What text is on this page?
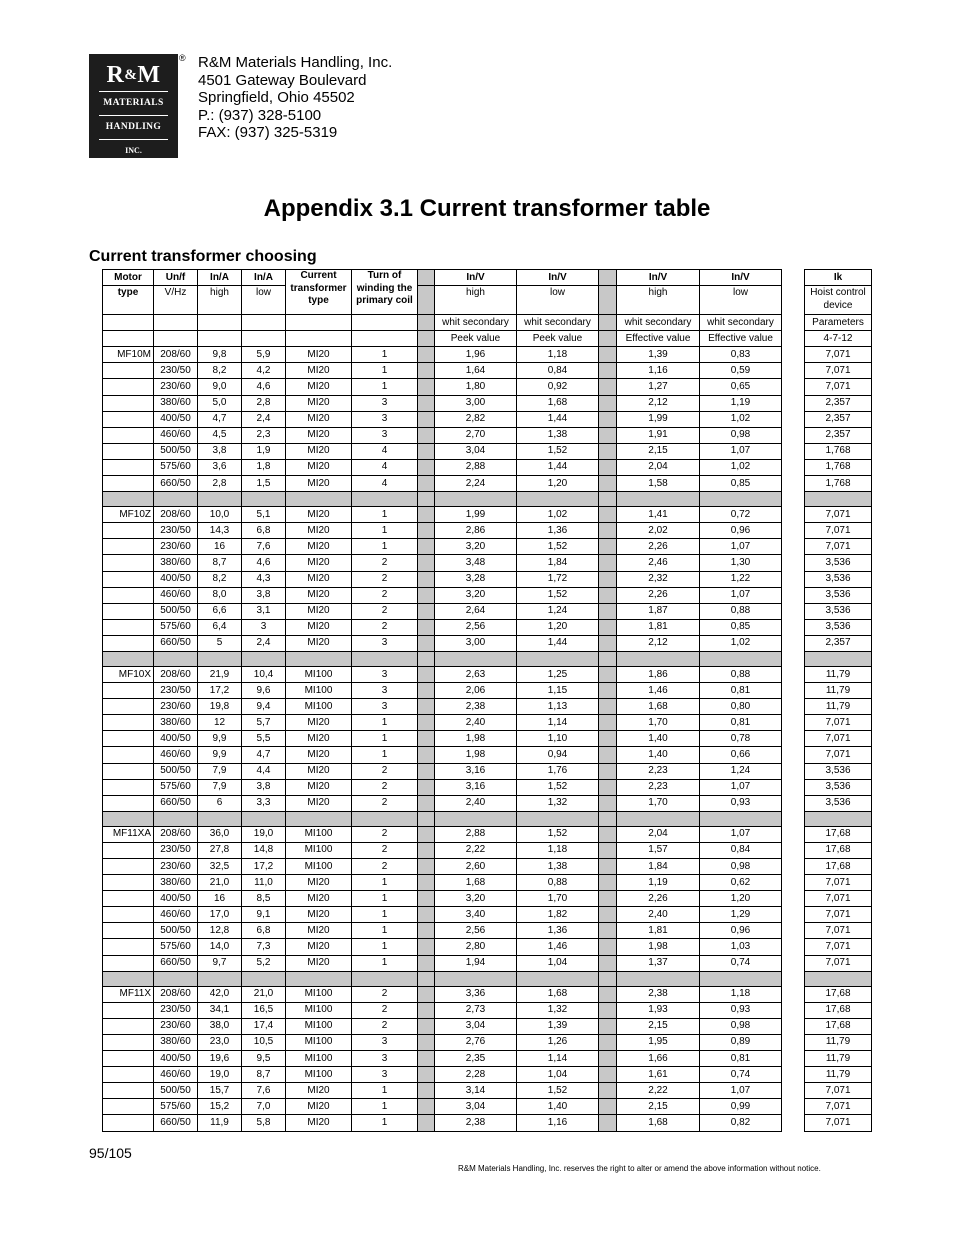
R&M
MATERIALS
HANDLING
INC.
® R&M Materials Handling, Inc.
4501 Gateway Boulevard
Springfield, Ohio 45502
P.: (937) 328-5100
FAX: (937) 325-5319
Appendix 3.1 Current transformer table
Current transformer choosing
Motor	Un/f	In/A	In/A	Current transformer type	Turn of winding the primary coil		In/V	In/V		In/V	In/V		Ik
type	V/Hz	high	low				high	low		high	low		Hoist control device
							whit secondary	whit secondary		whit secondary	whit secondary		Parameters
							Peek value	Peek value		Effective value	Effective value		4-7-12
MF10M	208/60	9,8	5,9	MI20	1		1,96	1,18		1,39	0,83		7,071
	230/50	8,2	4,2	MI20	1		1,64	0,84		1,16	0,59		7,071
	230/60	9,0	4,6	MI20	1		1,80	0,92		1,27	0,65		7,071
	380/60	5,0	2,8	MI20	3		3,00	1,68		2,12	1,19		2,357
	400/50	4,7	2,4	MI20	3		2,82	1,44		1,99	1,02		2,357
	460/60	4,5	2,3	MI20	3		2,70	1,38		1,91	0,98		2,357
	500/50	3,8	1,9	MI20	4		3,04	1,52		2,15	1,07		1,768
	575/60	3,6	1,8	MI20	4		2,88	1,44		2,04	1,02		1,768
	660/50	2,8	1,5	MI20	4		2,24	1,20		1,58	0,85		1,768

MF10Z	208/60	10,0	5,1	MI20	1		1,99	1,02		1,41	0,72		7,071
	230/50	14,3	6,8	MI20	1		2,86	1,36		2,02	0,96		7,071
	230/60	16	7,6	MI20	1		3,20	1,52		2,26	1,07		7,071
	380/60	8,7	4,6	MI20	2		3,48	1,84		2,46	1,30		3,536
	400/50	8,2	4,3	MI20	2		3,28	1,72		2,32	1,22		3,536
	460/60	8,0	3,8	MI20	2		3,20	1,52		2,26	1,07		3,536
	500/50	6,6	3,1	MI20	2		2,64	1,24		1,87	0,88		3,536
	575/60	6,4	3	MI20	2		2,56	1,20		1,81	0,85		3,536
	660/50	5	2,4	MI20	3		3,00	1,44		2,12	1,02		2,357

MF10X	208/60	21,9	10,4	MI100	3		2,63	1,25		1,86	0,88		11,79
	230/50	17,2	9,6	MI100	3		2,06	1,15		1,46	0,81		11,79
	230/60	19,8	9,4	MI100	3		2,38	1,13		1,68	0,80		11,79
	380/60	12	5,7	MI20	1		2,40	1,14		1,70	0,81		7,071
	400/50	9,9	5,5	MI20	1		1,98	1,10		1,40	0,78		7,071
	460/60	9,9	4,7	MI20	1		1,98	0,94		1,40	0,66		7,071
	500/50	7,9	4,4	MI20	2		3,16	1,76		2,23	1,24		3,536
	575/60	7,9	3,8	MI20	2		3,16	1,52		2,23	1,07		3,536
	660/50	6	3,3	MI20	2		2,40	1,32		1,70	0,93		3,536

MF11XA	208/60	36,0	19,0	MI100	2		2,88	1,52		2,04	1,07		17,68
	230/50	27,8	14,8	MI100	2		2,22	1,18		1,57	0,84		17,68
	230/60	32,5	17,2	MI100	2		2,60	1,38		1,84	0,98		17,68
	380/60	21,0	11,0	MI20	1		1,68	0,88		1,19	0,62		7,071
	400/50	16	8,5	MI20	1		3,20	1,70		2,26	1,20		7,071
	460/60	17,0	9,1	MI20	1		3,40	1,82		2,40	1,29		7,071
	500/50	12,8	6,8	MI20	1		2,56	1,36		1,81	0,96		7,071
	575/60	14,0	7,3	MI20	1		2,80	1,46		1,98	1,03		7,071
	660/50	9,7	5,2	MI20	1		1,94	1,04		1,37	0,74		7,071

MF11X	208/60	42,0	21,0	MI100	2		3,36	1,68		2,38	1,18		17,68
	230/50	34,1	16,5	MI100	2		2,73	1,32		1,93	0,93		17,68
	230/60	38,0	17,4	MI100	2		3,04	1,39		2,15	0,98		17,68
	380/60	23,0	10,5	MI100	3		2,76	1,26		1,95	0,89		11,79
	400/50	19,6	9,5	MI100	3		2,35	1,14		1,66	0,81		11,79
	460/60	19,0	8,7	MI100	3		2,28	1,04		1,61	0,74		11,79
	500/50	15,7	7,6	MI20	1		3,14	1,52		2,22	1,07		7,071
	575/60	15,2	7,0	MI20	1		3,04	1,40		2,15	0,99		7,071
	660/50	11,9	5,8	MI20	1		2,38	1,16		1,68	0,82		7,071
95/105
R&M Materials Handling, Inc. reserves the right to alter or amend the above information without notice.
